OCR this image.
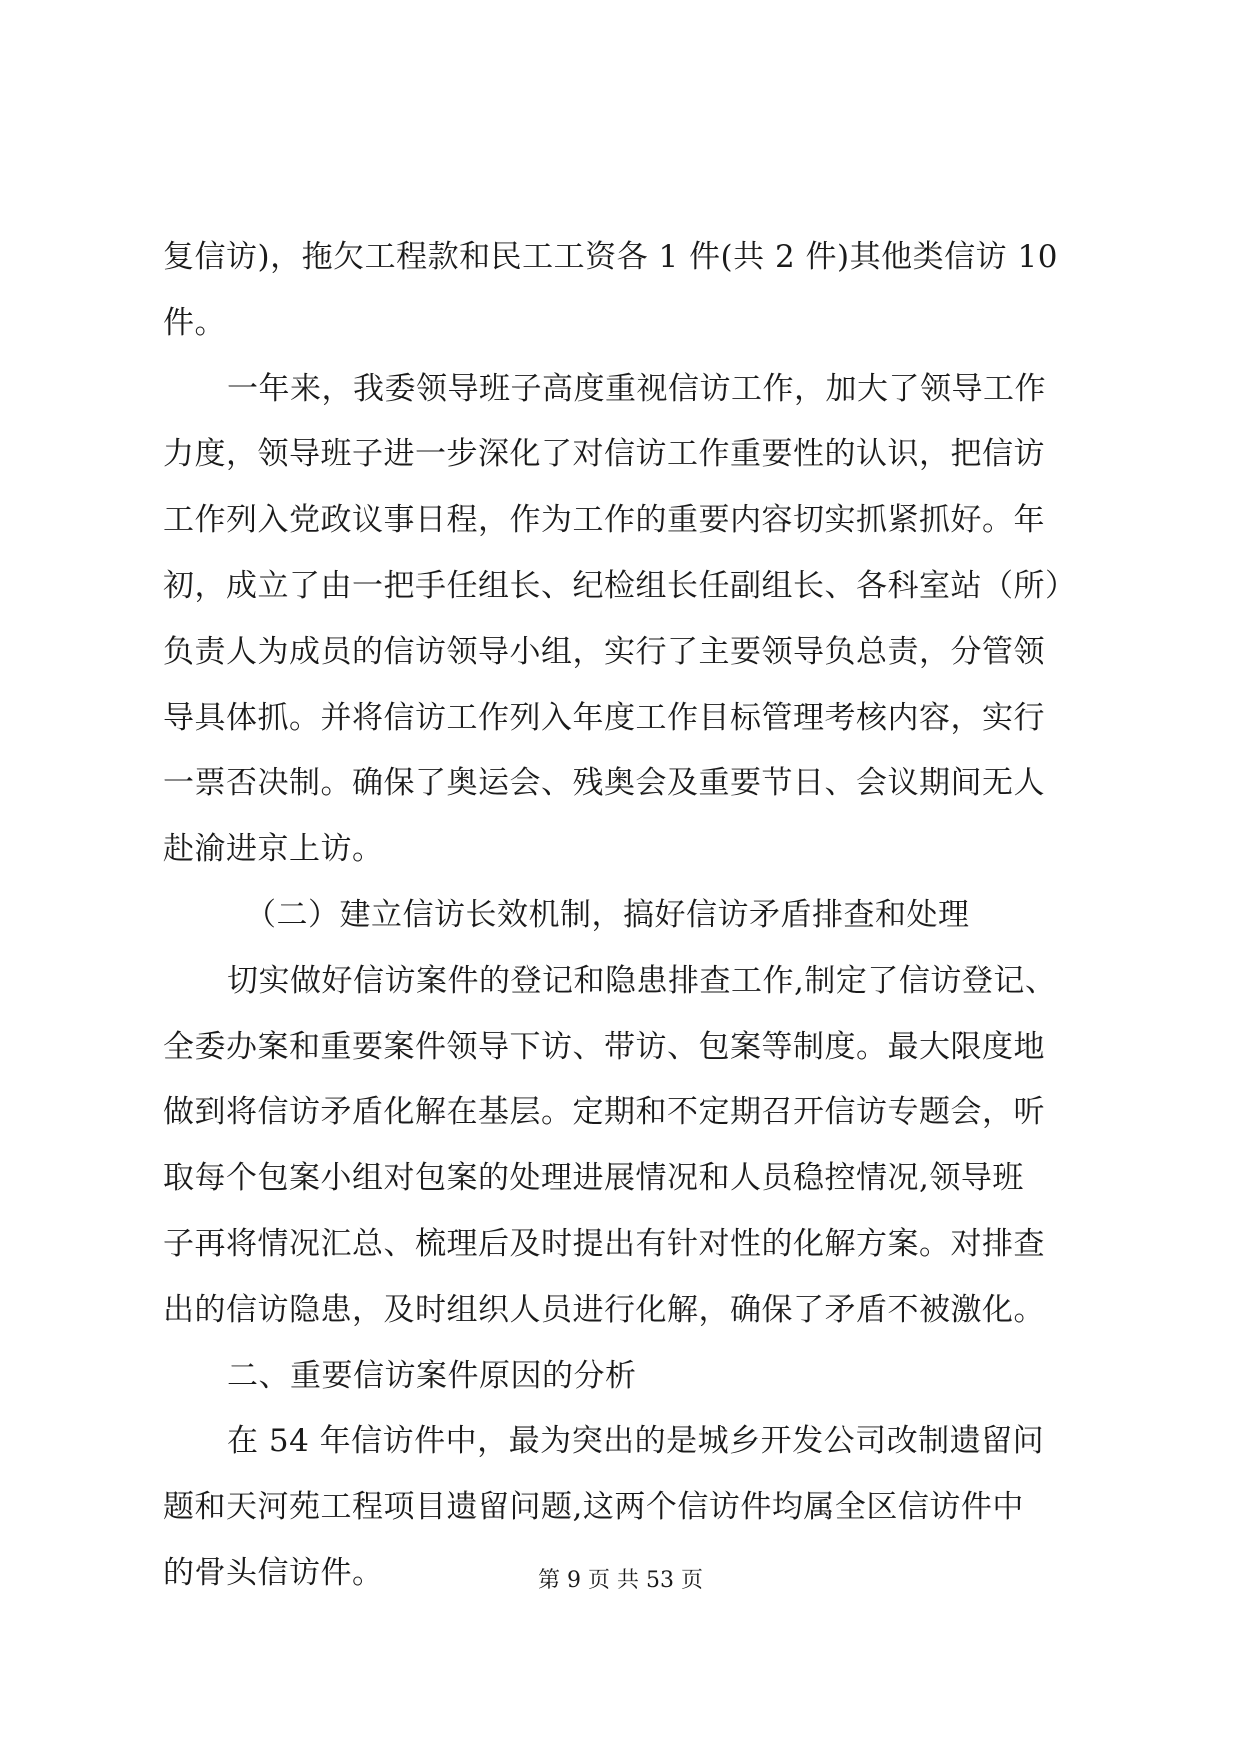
复信访)，拖欠工程款和民工工资各 1 件(共 2 件)其他类信访 10
件。
一年来，我委领导班子高度重视信访工作，加大了领导工作
力度，领导班子进一步深化了对信访工作重要性的认识，把信访
工作列入党政议事日程，作为工作的重要内容切实抓紧抓好。年
初，成立了由一把手任组长、纪检组长任副组长、各科室站（所）
负责人为成员的信访领导小组，实行了主要领导负总责，分管领
导具体抓。并将信访工作列入年度工作目标管理考核内容，实行
一票否决制。确保了奥运会、残奥会及重要节日、会议期间无人
赴渝进京上访。
（二）建立信访长效机制，搞好信访矛盾排查和处理
切实做好信访案件的登记和隐患排查工作,制定了信访登记、
全委办案和重要案件领导下访、带访、包案等制度。最大限度地
做到将信访矛盾化解在基层。定期和不定期召开信访专题会，听
取每个包案小组对包案的处理进展情况和人员稳控情况,领导班
子再将情况汇总、梳理后及时提出有针对性的化解方案。对排查
出的信访隐患，及时组织人员进行化解，确保了矛盾不被激化。
二、重要信访案件原因的分析
在 54 年信访件中，最为突出的是城乡开发公司改制遗留问
题和天河苑工程项目遗留问题,这两个信访件均属全区信访件中
的骨头信访件。	第 9 页 共 53 页
